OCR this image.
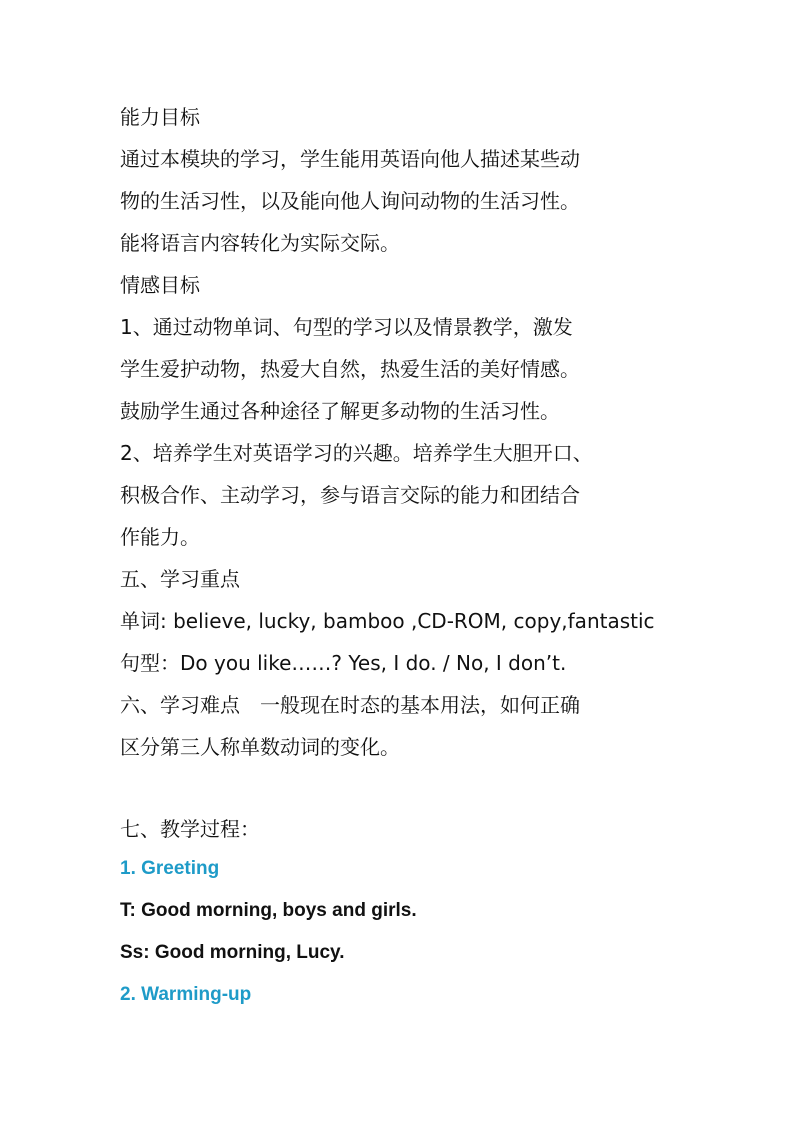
能力目标
通过本模块的学习，学生能用英语向他人描述某些动
物的生活习性，以及能向他人询问动物的生活习性。
能将语言内容转化为实际交际。
情感目标
1、通过动物单词、句型的学习以及情景教学，激发
学生爱护动物，热爱大自然，热爱生活的美好情感。
鼓励学生通过各种途径了解更多动物的生活习性。
2、培养学生对英语学习的兴趣。培养学生大胆开口、
积极合作、主动学习，参与语言交际的能力和团结合
作能力。
五、学习重点
单词: believe, lucky, bamboo ,CD-ROM, copy,fantastic
句型：Do you like……? Yes, I do. / No, I don’t.
六、学习难点　一般现在时态的基本用法，如何正确
区分第三人称单数动词的变化。
七、教学过程：
1. Greeting
T: Good morning, boys and girls.
Ss: Good morning, Lucy.
2. Warming-up
